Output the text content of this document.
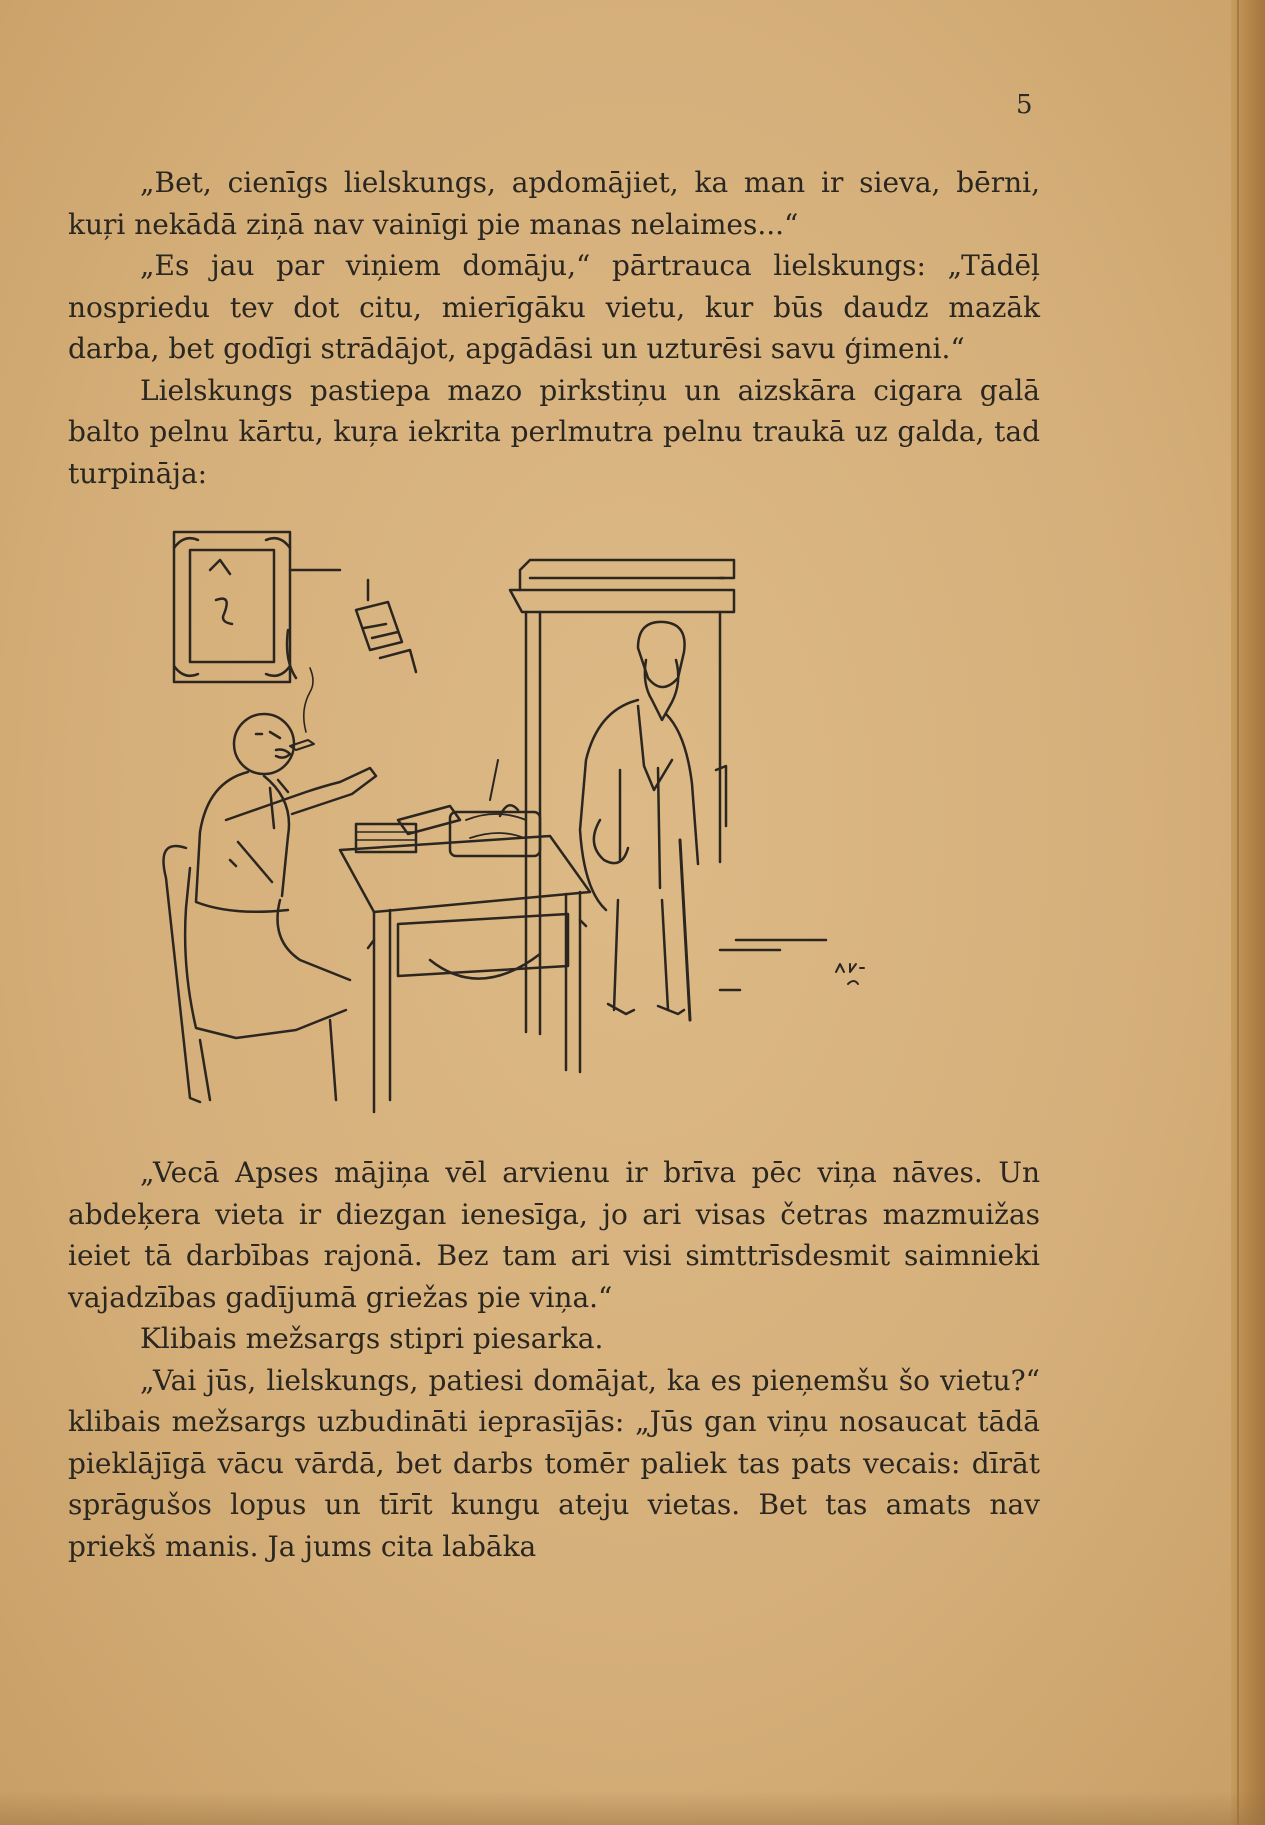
5

„Bet, cienīgs lielskungs, apdomājiet, ka man ir sieva, bērni, kuŗi nekādā ziņā nav vainīgi pie manas nelaimes...“

„Es jau par viņiem domāju,“ pārtrauca lielskungs: „Tādēļ nospriedu tev dot citu, mierīgāku vietu, kur būs daudz mazāk darba, bet godīgi strādājot, apgādāsi un uzturēsi savu ģimeni.“

Lielskungs pastiepa mazo pirkstiņu un aizskāra cigara galā balto pelnu kārtu, kuŗa iekrita perlmutra pelnu traukā uz galda, tad turpināja:

„Vecā Apses mājiņa vēl arvienu ir brīva pēc viņa nāves. Un abdeķera vieta ir diezgan ienesīga, jo ari visas četras mazmuižas ieiet tā darbības rajonā. Bez tam ari visi simttrīsdesmit saimnieki vajadzības gadījumā griežas pie viņa.“

Klibais mežsargs stipri piesarka.

„Vai jūs, lielskungs, patiesi domājat, ka es pieņemšu šo vietu?“ klibais mežsargs uzbudināti ieprasījās: „Jūs gan viņu nosaucat tādā pieklājīgā vācu vārdā, bet darbs tomēr paliek tas pats vecais: dīrāt sprāgušos lopus un tīrīt kungu ateju vietas. Bet tas amats nav priekš manis. Ja jums cita labāka
